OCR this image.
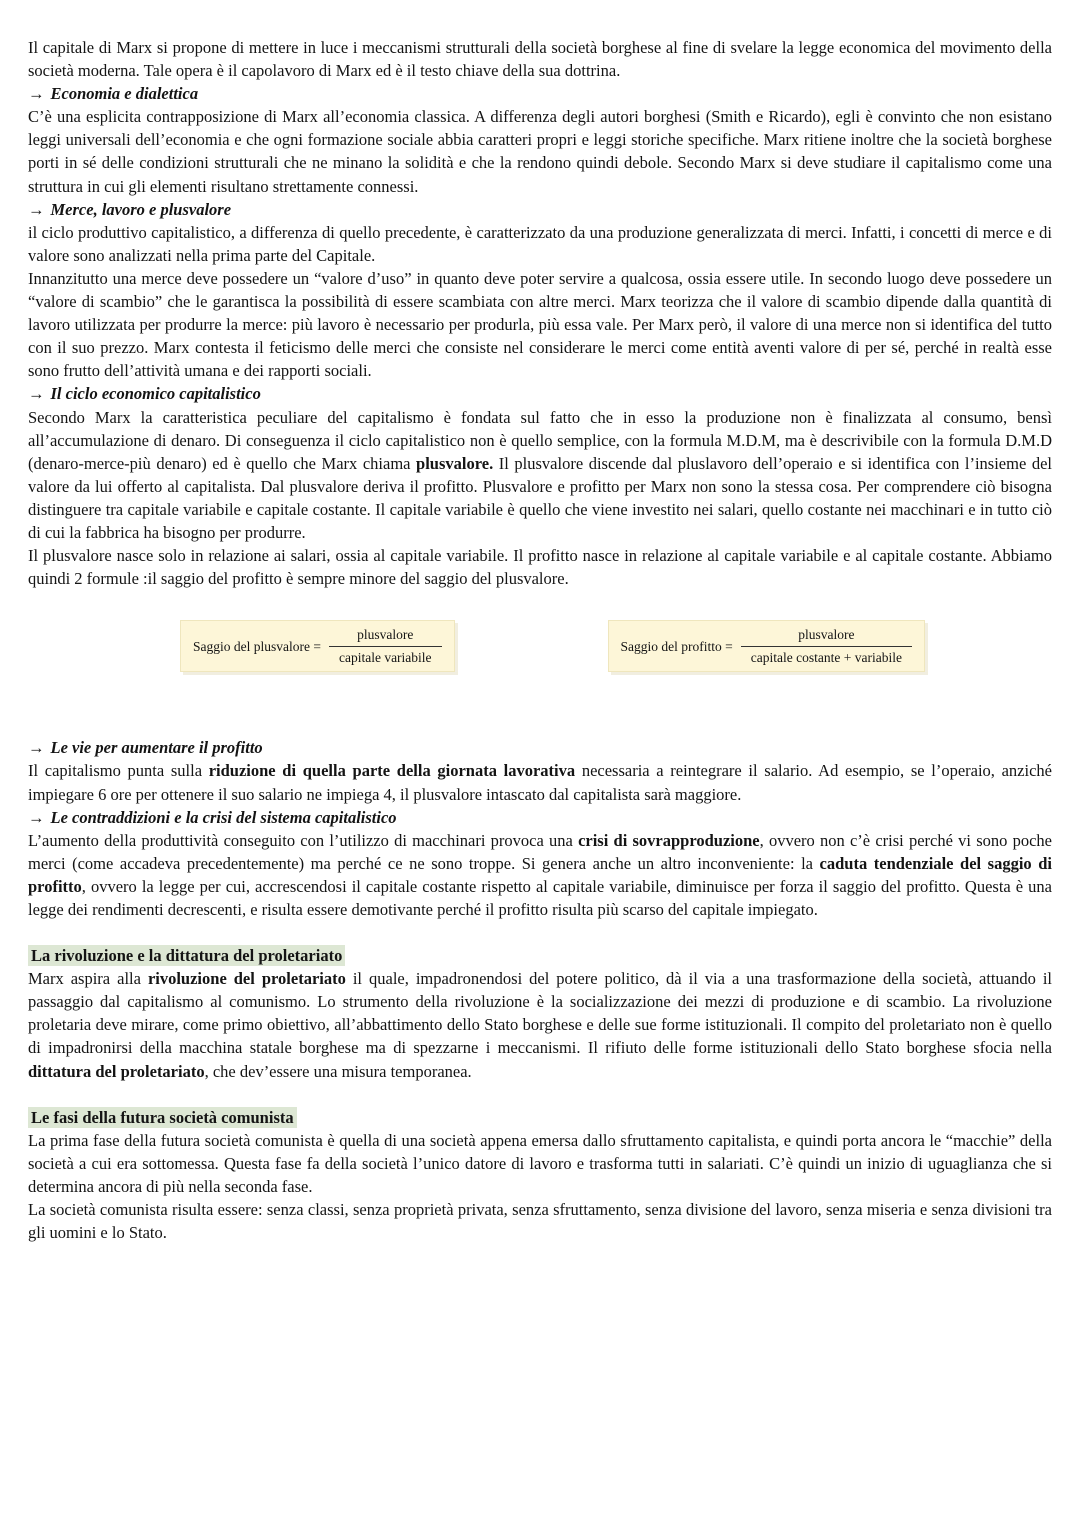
Il capitale di Marx si propone di mettere in luce i meccanismi strutturali della società borghese al fine di svelare la legge economica del movimento della società moderna. Tale opera è il capolavoro di Marx ed è il testo chiave della sua dottrina.

→ Economia e dialettica

C’è una esplicita contrapposizione di Marx all’economia classica. A differenza degli autori borghesi (Smith e Ricardo), egli è convinto che non esistano leggi universali dell’economia e che ogni formazione sociale abbia caratteri propri e leggi storiche specifiche. Marx ritiene inoltre che la società borghese porti in sé delle condizioni strutturali che ne minano la solidità e che la rendono quindi debole. Secondo Marx si deve studiare il capitalismo come una struttura in cui gli elementi risultano strettamente connessi.

→ Merce, lavoro e plusvalore

il ciclo produttivo capitalistico, a differenza di quello precedente, è caratterizzato da una produzione generalizzata di merci. Infatti, i concetti di merce e di valore sono analizzati nella prima parte del Capitale.

Innanzitutto una merce deve possedere un “valore d’uso” in quanto deve poter servire a qualcosa, ossia essere utile. In secondo luogo deve possedere un “valore di scambio” che le garantisca la possibilità di essere scambiata con altre merci. Marx teorizza che il valore di scambio dipende dalla quantità di lavoro utilizzata per produrre la merce: più lavoro è necessario per produrla, più essa vale. Per Marx però, il valore di una merce non si identifica del tutto con il suo prezzo. Marx contesta il feticismo delle merci che consiste nel considerare le merci come entità aventi valore di per sé, perché in realtà esse sono frutto dell’attività umana e dei rapporti sociali.

→ Il ciclo economico capitalistico

Secondo Marx la caratteristica peculiare del capitalismo è fondata sul fatto che in esso la produzione non è finalizzata al consumo, bensì all’accumulazione di denaro. Di conseguenza il ciclo capitalistico non è quello semplice, con la formula M.D.M, ma è descrivibile con la formula D.M.D (denaro-merce-più denaro) ed è quello che Marx chiama plusvalore. Il plusvalore discende dal pluslavoro dell’operaio e si identifica con l’insieme del valore da lui offerto al capitalista. Dal plusvalore deriva il profitto. Plusvalore e profitto per Marx non sono la stessa cosa. Per comprendere ciò bisogna distinguere tra capitale variabile e capitale costante. Il capitale variabile è quello che viene investito nei salari, quello costante nei macchinari e in tutto ciò di cui la fabbrica ha bisogno per produrre.

Il plusvalore nasce solo in relazione ai salari, ossia al capitale variabile. Il profitto nasce in relazione al capitale variabile e al capitale costante. Abbiamo quindi 2 formule :il saggio del profitto è sempre minore del saggio del plusvalore.

Saggio del plusvalore = $\frac{\text{plusvalore}}{\text{capitale variabile}}$	Saggio del profitto = $\frac{\text{plusvalore}}{\text{capitale costante + variabile}}$

→ Le vie per aumentare il profitto

Il capitalismo punta sulla riduzione di quella parte della giornata lavorativa necessaria a reintegrare il salario. Ad esempio, se l’operaio, anziché impiegare 6 ore per ottenere il suo salario ne impiega 4, il plusvalore intascato dal capitalista sarà maggiore.

→ Le contraddizioni e la crisi del sistema capitalistico

L’aumento della produttività conseguito con l’utilizzo di macchinari provoca una crisi di sovrapproduzione, ovvero non c’è crisi perché vi sono poche merci (come accadeva precedentemente) ma perché ce ne sono troppe. Si genera anche un altro inconveniente: la caduta tendenziale del saggio di profitto, ovvero la legge per cui, accrescendosi il capitale costante rispetto al capitale variabile, diminuisce per forza il saggio del profitto. Questa è una legge dei rendimenti decrescenti, e risulta essere demotivante perché il profitto risulta più scarso del capitale impiegato.

La rivoluzione e la dittatura del proletariato

Marx aspira alla rivoluzione del proletariato il quale, impadronendosi del potere politico, dà il via a una trasformazione della società, attuando il passaggio dal capitalismo al comunismo. Lo strumento della rivoluzione è la socializzazione dei mezzi di produzione e di scambio. La rivoluzione proletaria deve mirare, come primo obiettivo, all’abbattimento dello Stato borghese e delle sue forme istituzionali. Il compito del proletariato non è quello di impadronirsi della macchina statale borghese ma di spezzarne i meccanismi. Il rifiuto delle forme istituzionali dello Stato borghese sfocia nella dittatura del proletariato, che dev’essere una misura temporanea.

Le fasi della futura società comunista

La prima fase della futura società comunista è quella di una società appena emersa dallo sfruttamento capitalista, e quindi porta ancora le “macchie” della società a cui era sottomessa. Questa fase fa della società l’unico datore di lavoro e trasforma tutti in salariati. C’è quindi un inizio di uguaglianza che si determina ancora di più nella seconda fase.

La società comunista risulta essere: senza classi, senza proprietà privata, senza sfruttamento, senza divisione del lavoro, senza miseria e senza divisioni tra gli uomini e lo Stato.
